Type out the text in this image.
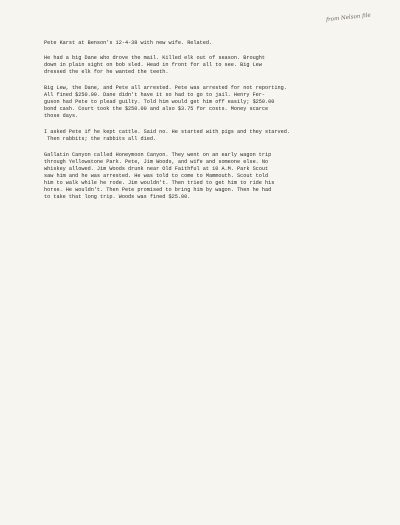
from Nelson file
Pete Karst at Benson's 12-4-38 with new wife. Related.
He had a big Dane who drove the mail. Killed elk out of season. Brought
down in plain sight on bob sled. Head in front for all to see. Big Lew
dressed the elk for he wanted the teeth.
Big Lew, the Dane, and Pete all arrested. Pete was arrested for not reporting.
All fined $250.00. Dane didn't have it so had to go to jail. Henry Fer-
guson had Pete to plead guilty. Told him would get him off easily; $250.00
bond cash. Court took the $250.00 and also $3.75 for costs. Money scarce
those days.
I asked Pete if he kept cattle. Said no. He started with pigs and they starved.
Then rabbits; the rabbits all died.
Gallatin Canyon called Honeymoon Canyon. They went on an early wagon trip
through Yellowstone Park. Pete, Jim Woods, and wife and someone else. No
whiskey allowed. Jim Woods drunk near Old Faithful at 10 A.M. Park Scout
saw him and he was arrested. He was told to come to Mammouth. Scout told
him to walk while he rode. Jim wouldn't. Then tried to get him to ride his
horse. He wouldn't. Then Pete promised to bring him by wagon. Then he had
to take that long trip. Woods was fined $25.00.
